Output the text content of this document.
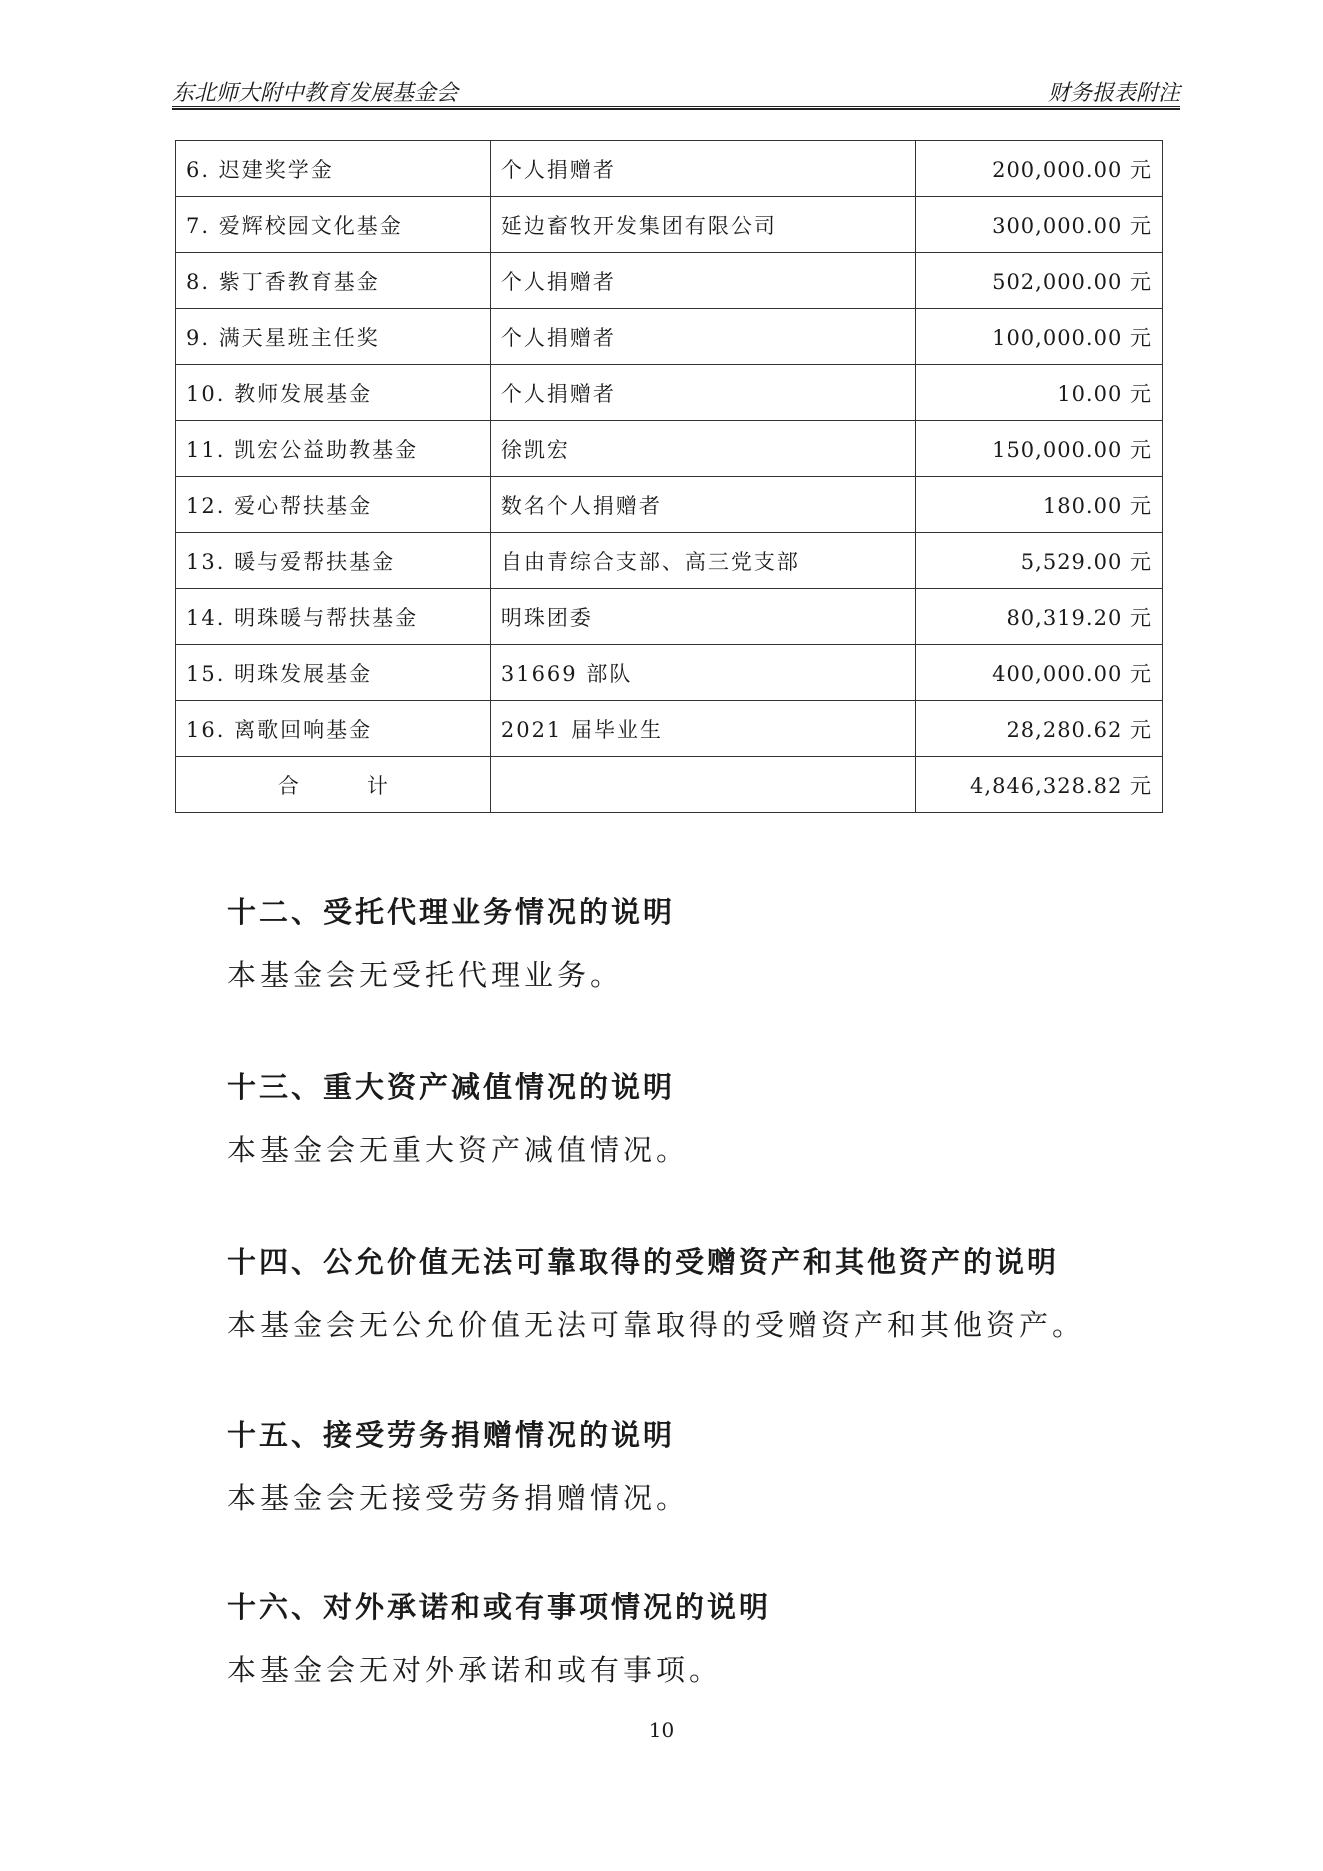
东北师大附中教育发展基金会	财务报表附注
6. 迟建奖学金	个人捐赠者	200,000.00 元
7. 爱辉校园文化基金	延边畜牧开发集团有限公司	300,000.00 元
8. 紫丁香教育基金	个人捐赠者	502,000.00 元
9. 满天星班主任奖	个人捐赠者	100,000.00 元
10. 教师发展基金	个人捐赠者	10.00 元
11. 凯宏公益助教基金	徐凯宏	150,000.00 元
12. 爱心帮扶基金	数名个人捐赠者	180.00 元
13. 暖与爱帮扶基金	自由青综合支部、高三党支部	5,529.00 元
14. 明珠暖与帮扶基金	明珠团委	80,319.20 元
15. 明珠发展基金	31669 部队	400,000.00 元
16. 离歌回响基金	2021 届毕业生	28,280.62 元
合计		4,846,328.82 元
十二、受托代理业务情况的说明
本基金会无受托代理业务。
十三、重大资产减值情况的说明
本基金会无重大资产减值情况。
十四、公允价值无法可靠取得的受赠资产和其他资产的说明
本基金会无公允价值无法可靠取得的受赠资产和其他资产。
十五、接受劳务捐赠情况的说明
本基金会无接受劳务捐赠情况。
十六、对外承诺和或有事项情况的说明
本基金会无对外承诺和或有事项。
10
